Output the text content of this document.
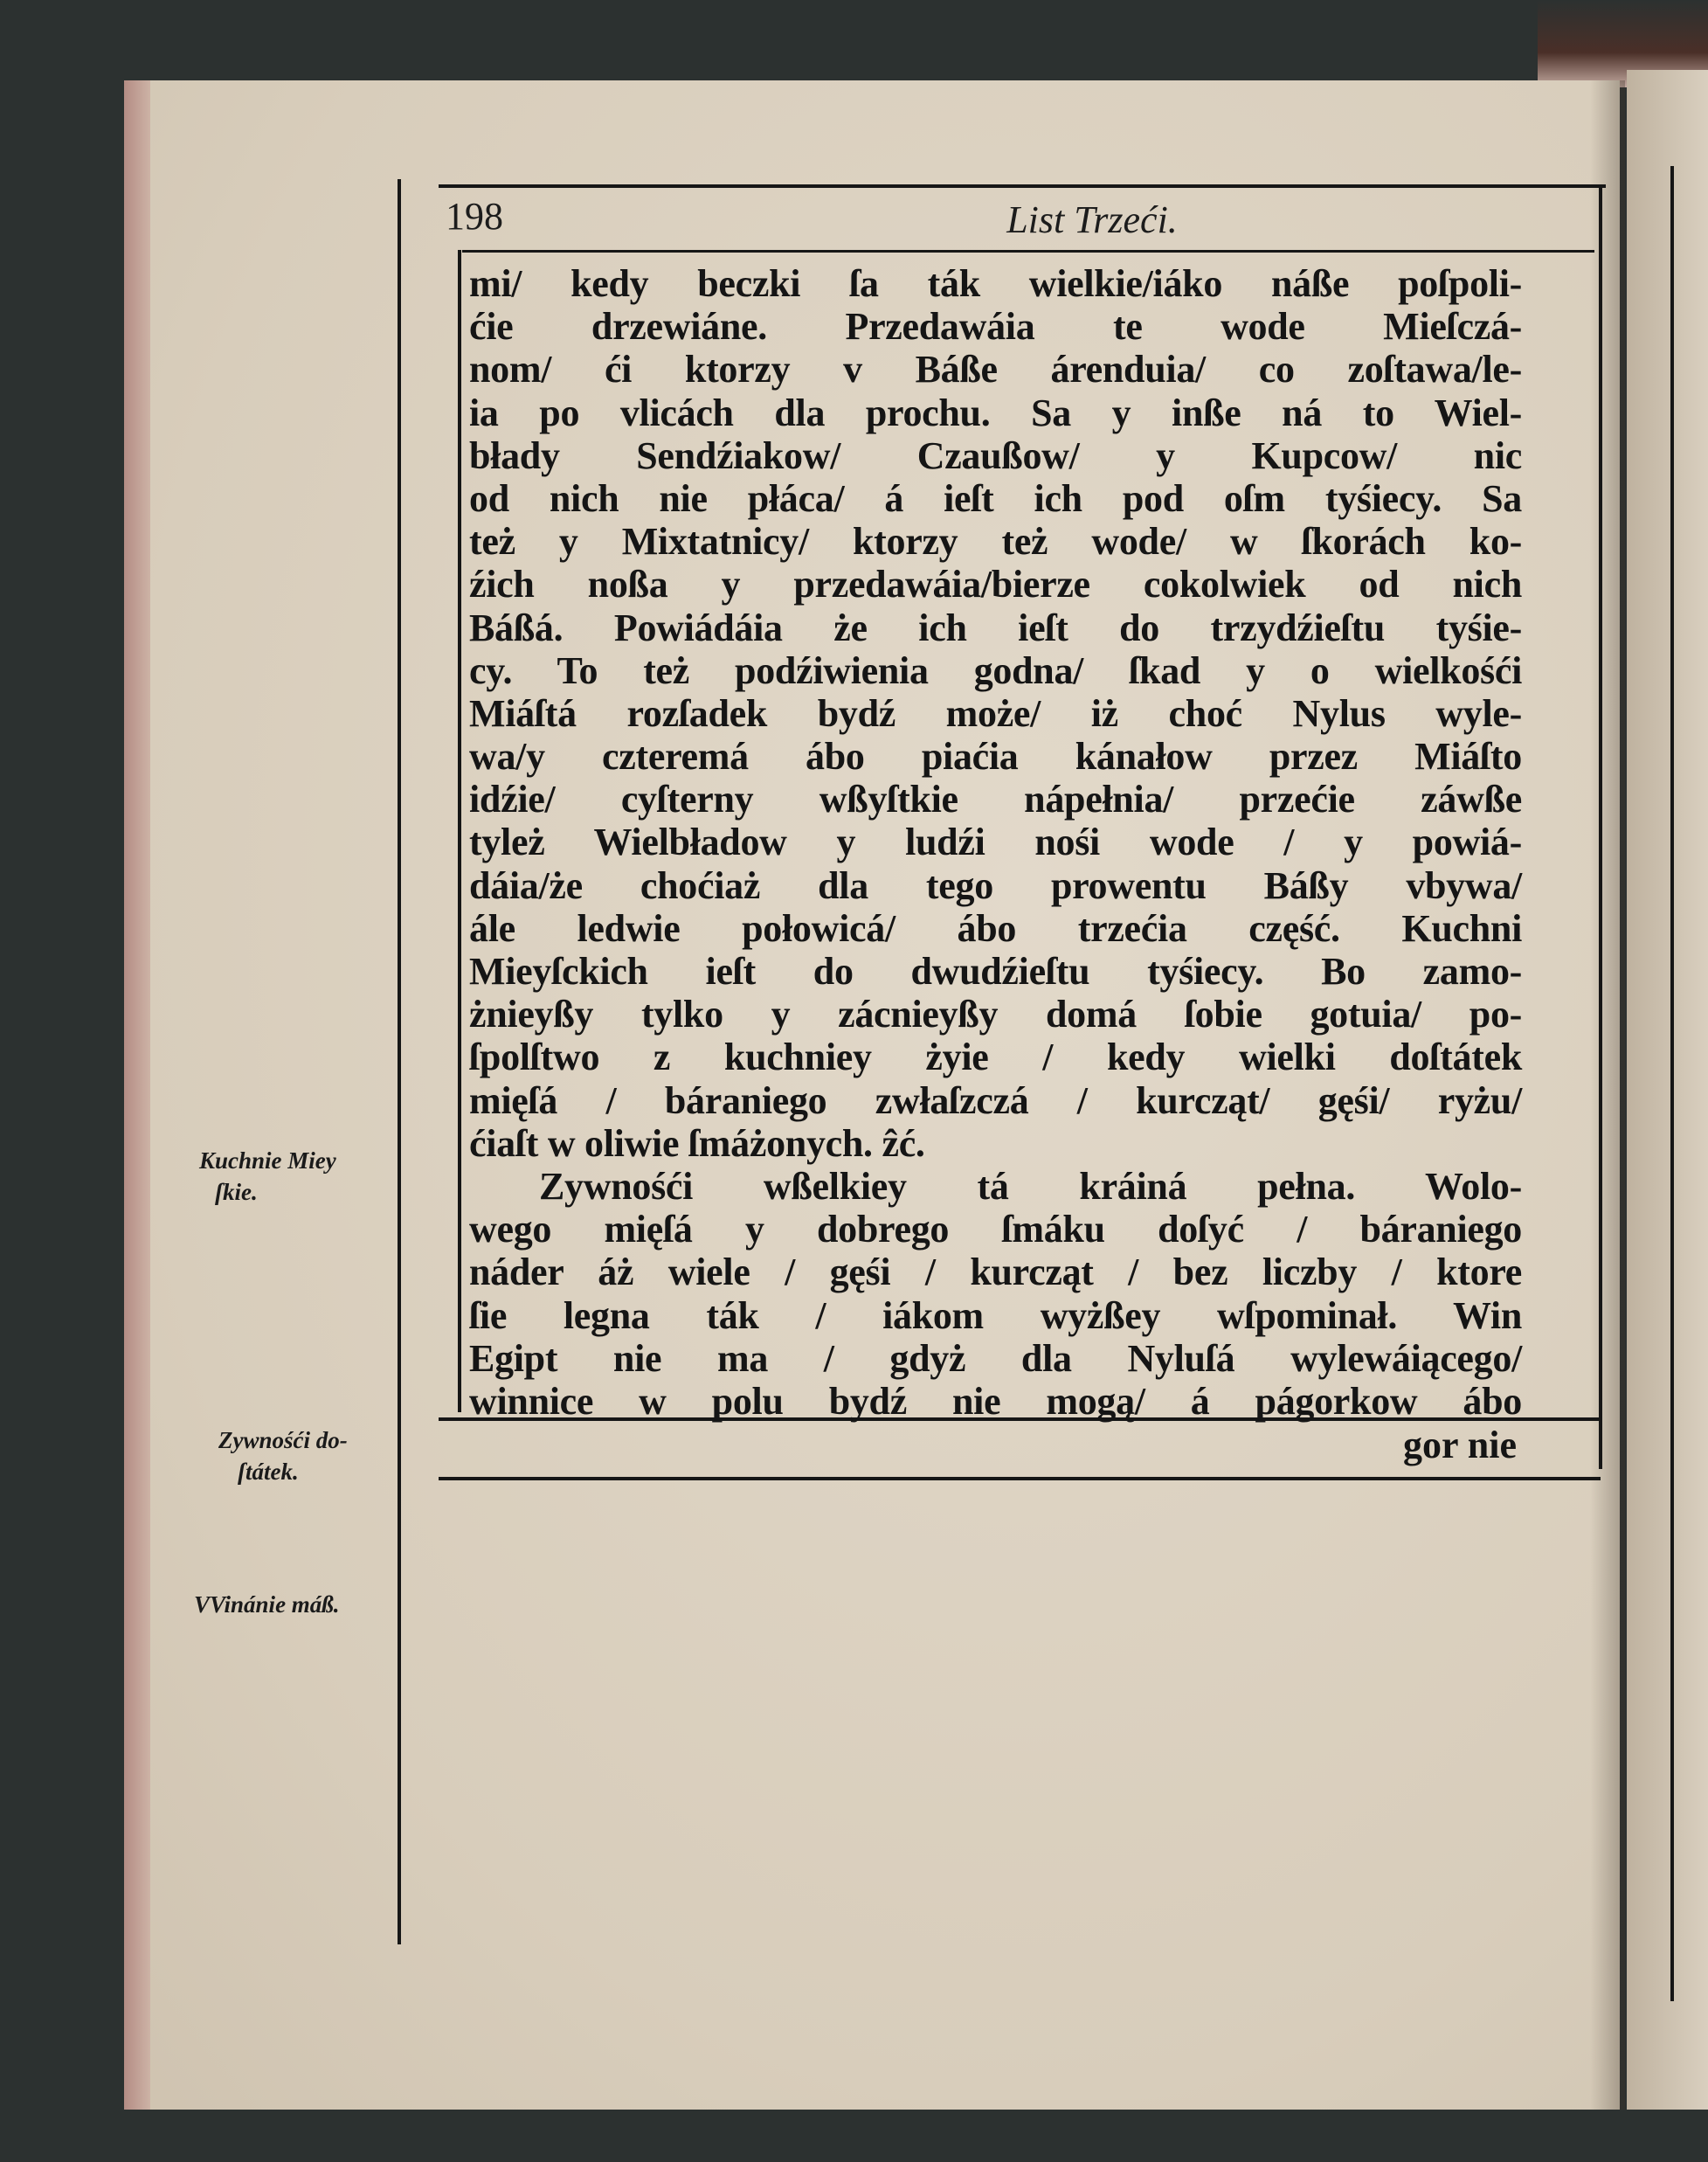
198	List Trzeći.
mi/ kedy beczki ſa ták wielkie/iáko náße poſpoli-
ćie drzewiáne. Przedawáia te wode Mieſczá-
nom/ ći ktorzy v Báße árenduia/ co zoſtawa/le-
ia po vlicách dla prochu. Sa y inße ná to Wiel-
błady Sendźiakow/ Czaußow/ y Kupcow/ nic
od nich nie płáca/ á ieſt ich pod oſm tyśiecy. Sa
też y Mixtatnicy/ ktorzy też wode/ w ſkorách ko-
źich noßa y przedawáia/bierze cokolwiek od nich
Báßá. Powiádáia że ich ieſt do trzydźieſtu tyśie-
cy. To też podźiwienia godna/ ſkad y o wielkośći
Miáſtá rozſadek bydź może/ iż choć Nylus wyle-
wa/y czteremá ábo piaćia kánałow przez Miáſto
idźie/ cyſterny wßyſtkie nápełnia/ przećie záwße
tyleż Wielbładow y ludźi nośi wode / y powiá-
dáia/że choćiaż dla tego prowentu Báßy vbywa/
ále ledwie połowicá/ ábo trzećia część. Kuchni
Mieyſckich ieſt do dwudźieſtu tyśiecy. Bo zamo-
żnieyßy tylko y zácnieyßy domá ſobie gotuia/ po-
ſpolſtwo z kuchniey żyie / kedy wielki doſtátek
mięſá / báraniego zwłaſzczá / kurcząt/ gęśi/ ryżu/
ćiaſt w oliwie ſmáżonych. ẑć.
Zywnośći wßelkiey tá kráiná pełna. Wolo-
wego mięſá y dobrego ſmáku doſyć / báraniego
náder áż wiele / gęśi / kurcząt / bez liczby / ktore
ſie legna ták / iákom wyżßey wſpominał. Win
Egipt nie ma / gdyż dla Nyluſá wylewáiącego/
winnice w polu bydź nie mogą/ á págorkow ábo
gor nie
Kuchnie Miey
ſkie.
Zywnośći do-
ſtátek.
VVinánie máß.
